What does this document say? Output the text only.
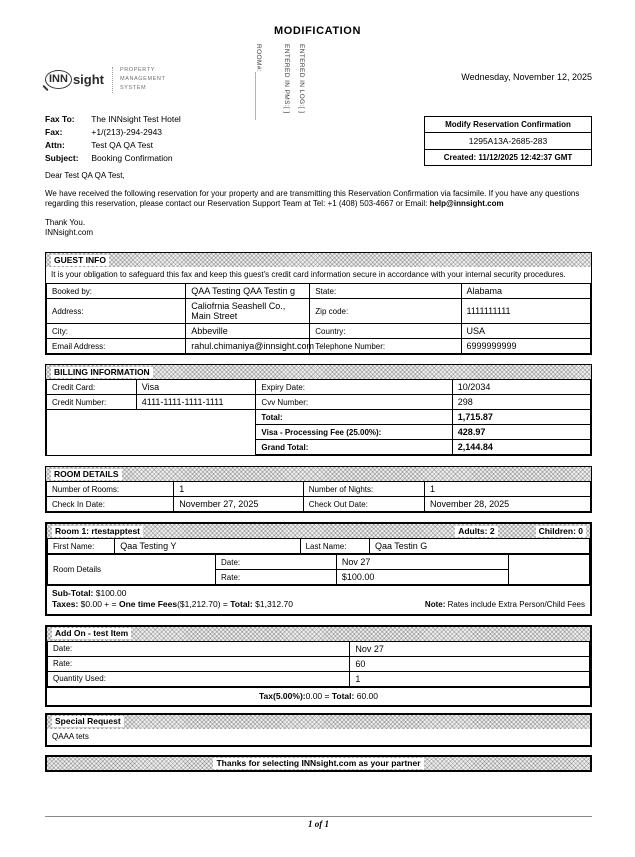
MODIFICATION
ROOM#:____________	ENTERED IN PMS:[ ] ENTERED IN LOG:[ ]
INN sight
PROPERTY
MANAGEMENT
SYSTEM
Wednesday, November 12, 2025
Fax To: The INNsight Test Hotel
Fax:	+1/(213)-294-2943
Attn:	Test QA QA Test
Subject: Booking Confirmation
Modify Reservation Confirmation
1295A13A-2685-283
Created: 11/12/2025 12:42:37 GMT
Dear Test QA QA Test,
We have received the following reservation for your property and are transmitting this Reservation Confirmation via facsimile. If you have any questions regarding this reservation, please contact our Reservation Support Team at Tel: +1 (408) 503-4667 or Email: help@innsight.com
Thank You.
INNsight.com
GUEST INFO
It is your obligation to safeguard this fax and keep this guest's credit card information secure in accordance with your internal security procedures.
Booked by:	QAA Testing QAA Testin g	State:	Alabama
Address:	Caliofrnia Seashell Co., Main Street	Zip code:	1111111111
City:	Abbeville	Country:	USA
Email Address:	rahul.chimaniya@innsight.com	Telephone Number:	6999999999
BILLING INFORMATION
Credit Card:	Visa	Expiry Date:	10/2034
Credit Number:	4111-1111-1111-1111	Cvv Number:	298
		Total:	1,715.87
		Visa - Processing Fee (25.00%):	428.97
		Grand Total:	2,144.84
ROOM DETAILS
Number of Rooms:	1	Number of Nights:	1
Check In Date:	November 27, 2025	Check Out Date:	November 28, 2025
Room 1: rtestapptest	Adults: 2	Children: 0
First Name:	Qaa Testing Y	Last Name:	Qaa Testin G
Room Details	Date:	Nov 27	
	Rate:	$100.00	
Sub-Total: $100.00
Taxes: $0.00 + = One time Fees($1,212.70) = Total: $1,312.70	Note: Rates include Extra Person/Child Fees
Add On - test Item
Date:	Nov 27
Rate:	60
Quantity Used:	1
Tax(5.00%):0.00 = Total: 60.00
Special Request
QAAA tets
Thanks for selecting INNsight.com as your partner
1 of 1
